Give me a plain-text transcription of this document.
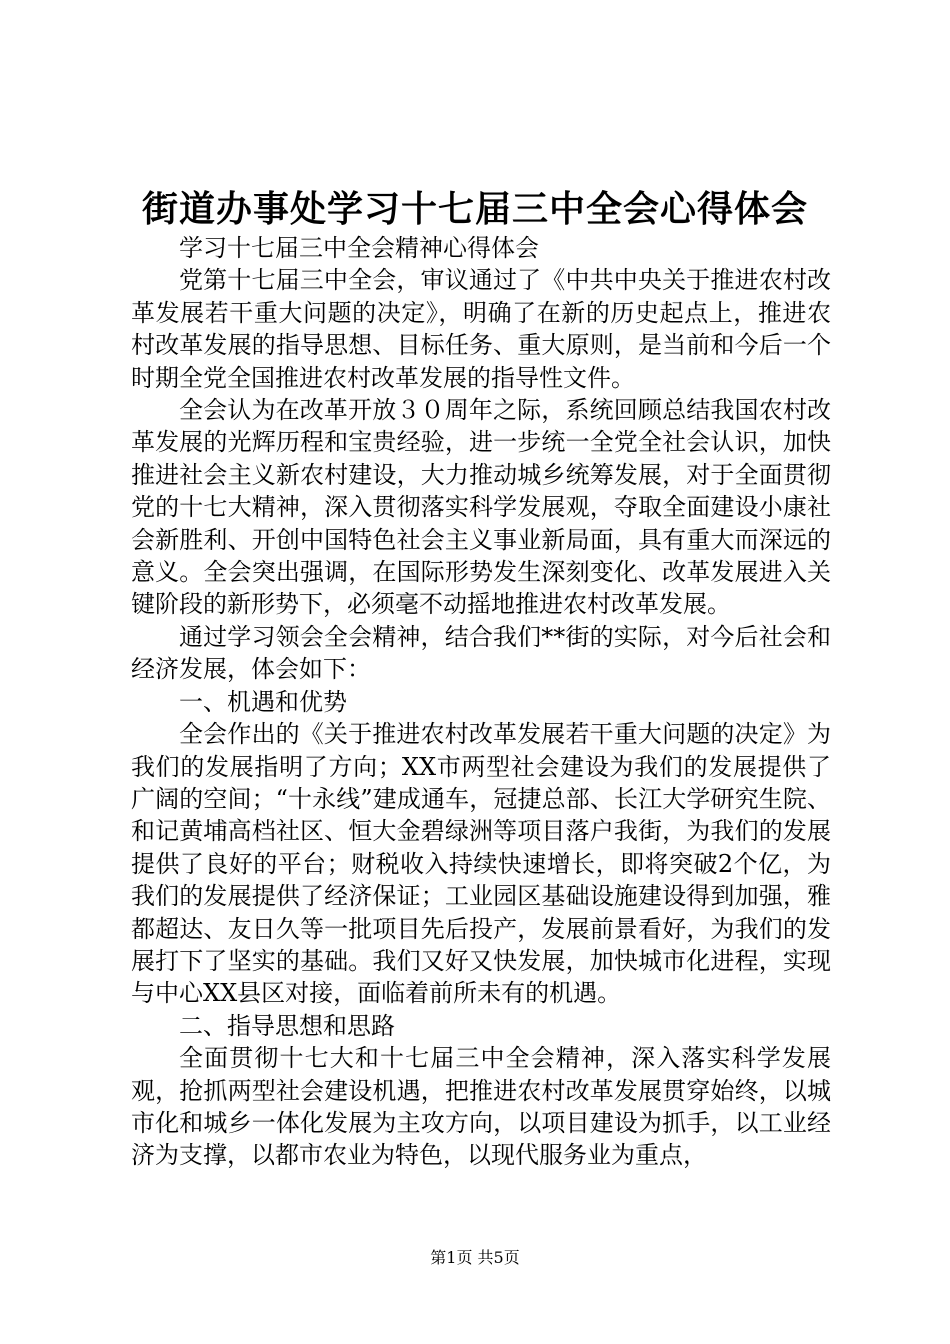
街道办事处学习十七届三中全会心得体会

学习十七届三中全会精神心得体会

党第十七届三中全会，审议通过了《中共中央关于推进农村改革发展若干重大问题的决定》，明确了在新的历史起点上，推进农村改革发展的指导思想、目标任务、重大原则，是当前和今后一个时期全党全国推进农村改革发展的指导性文件。

全会认为在改革开放３０周年之际，系统回顾总结我国农村改革发展的光辉历程和宝贵经验，进一步统一全党全社会认识，加快推进社会主义新农村建设，大力推动城乡统筹发展，对于全面贯彻党的十七大精神，深入贯彻落实科学发展观，夺取全面建设小康社会新胜利、开创中国特色社会主义事业新局面，具有重大而深远的意义。全会突出强调，在国际形势发生深刻变化、改革发展进入关键阶段的新形势下，必须毫不动摇地推进农村改革发展。

通过学习领会全会精神，结合我们**街的实际，对今后社会和经济发展，体会如下：

一、机遇和优势

全会作出的《关于推进农村改革发展若干重大问题的决定》为我们的发展指明了方向；XX市两型社会建设为我们的发展提供了广阔的空间；“十永线”建成通车，冠捷总部、长江大学研究生院、和记黄埔高档社区、恒大金碧绿洲等项目落户我街，为我们的发展提供了良好的平台；财税收入持续快速增长，即将突破2个亿，为我们的发展提供了经济保证；工业园区基础设施建设得到加强，雅都超达、友日久等一批项目先后投产，发展前景看好，为我们的发展打下了坚实的基础。我们又好又快发展，加快城市化进程，实现与中心XX县区对接，面临着前所未有的机遇。

二、指导思想和思路

全面贯彻十七大和十七届三中全会精神，深入落实科学发展观，抢抓两型社会建设机遇，把推进农村改革发展贯穿始终，以城市化和城乡一体化发展为主攻方向，以项目建设为抓手，以工业经济为支撑，以都市农业为特色，以现代服务业为重点，

第1页 共5页
